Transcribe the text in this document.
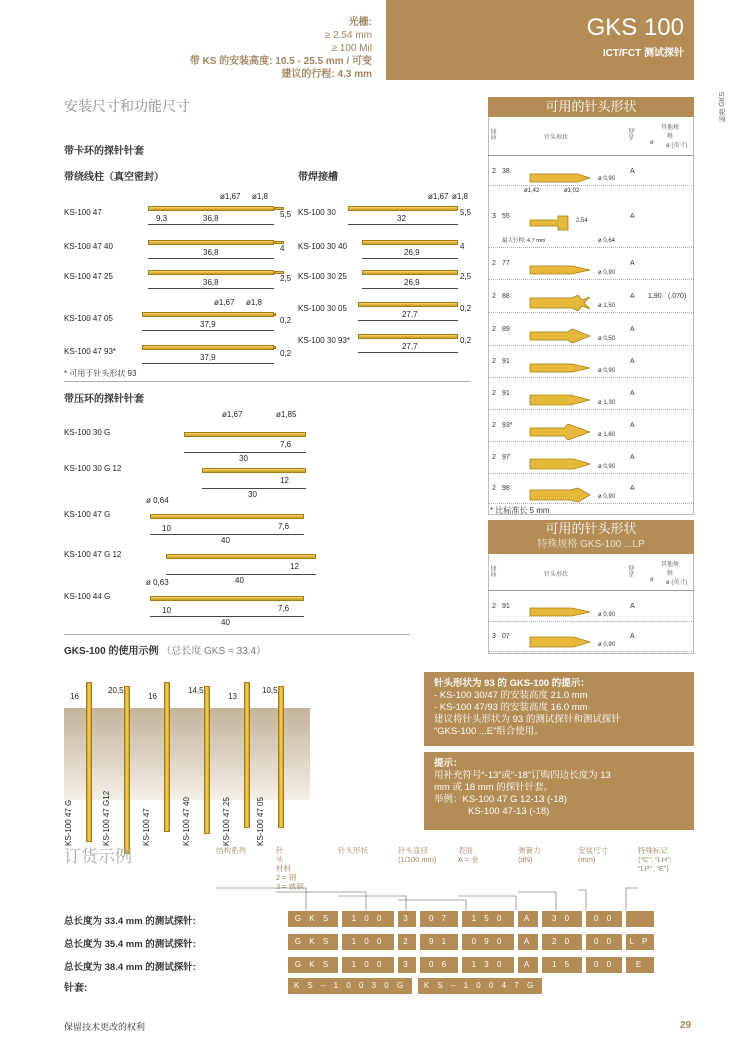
光栅:
≥ 2.54 mm
≥ 100 Mil
带 KS 的安装高度: 10.5 - 25.5 mm / 可变
建议的行程: 4.3 mm
GKS 100
ICT/FCT 测试探针
标准 GKS
安装尺寸和功能尺寸
带卡环的探针针套
带绕线柱（真空密封）	带焊接槽
KS-100 47
36,8	5,5
ø1,67 ø1,8
9,3
KS-100 47 40
36,8	4
KS-100 47 25
36,8	2,5
KS-100 47 05
37,9	0,2
ø1,67 ø1,8
KS-100 47 93*
37,9	0,2
KS-100 30
32
5,5
ø1,67 ø1,8
KS-100 30 40
26,9
4
KS-100 30 25
26,9
2,5
KS-100 30 05
27,7
0,2
KS-100 30 93*
27,7
0,2
* 可用于针头形状 93
带压环的探针针套
KS-100 30 G
30
7,6
ø1,67	ø1,85
KS-100 30 G 12
30
12
KS-100 47 G
40
7,6
ø 0,64
10
KS-100 47 G 12
40
12
KS-100 44 G
40
7,6
ø 0,63
10
GKS-100 的使用示例 （总长度 GKS = 33.4）
16
KS-100 47 G
20,5
KS-100 47 G12
16
KS-100 47
14,5
KS-100 47 40
13
KS-100 47 25
10,5
KS-100 47 05
可用的针头形状
材料	针头形状	表面	其他规格
ø ø (英寸)
2 38	A
ø 0,90
3 55	A
ø 0,64
ø1,42	ø1,02
2,54
最大行程: 4.7 mm
2 77	A
ø 0,90
2 88	A
ø 1,50
1,90 (.070)
2 89	A
ø 0,50
2 91	A
ø 0,90
2 91	A
ø 1,30
2 93*	A
ø 1,60
2 97	A
ø 0,90
2 98	A
ø 0,90
* 比标准长 5 mm
可用的针头形状
特殊规格 GKS-100 ...LP
材料	针头形状	表面	其他规格
ø ø (英寸)
2 91	A
ø 0,90
3 07	A
ø 0,90
针头形状为 93 的 GKS-100 的提示：
- KS-100 30/47 的安装高度 21.0 mm
- KS-100 47/93 的安装高度 16.0 mm
建议将针头形状为 93 的测试探针和测试探针
“GKS-100 ...E”组合使用。
提示：
用补充符号“-13”或“-18”订购四边长度为 13
mm 或 18 mm 的探针针套。
举例：KS-100 47 G 12-13 (-18)
KS-100 47-13 (-18)
订货示例	结构系列	针
头
材料
2 = 钢
3 = 铍铜
针头形状	针头直径
(1/100 mm)
表面
A = 金
弹簧力
(dN)
安装尺寸
(mm)
特殊标记
(“C”; “LH”;
“LP”; “E”)
总长度为 33.4 mm 的测试探针:	G K S	1 0 0	3	0 7	1 5 0	A	3 0	0 0
总长度为 35.4 mm 的测试探针:	G K S	1 0 0	2	9 1	0 9 0	A	2 0	0 0	L P
总长度为 38.4 mm 的测试探针:	G K S	1 0 0	3	0 6	1 3 0	A	1 5	0 0	E
针套:	K S – 1 0 0 3 0 G	K S – 1 0 0 4 7 G
保留技术更改的权利	29
